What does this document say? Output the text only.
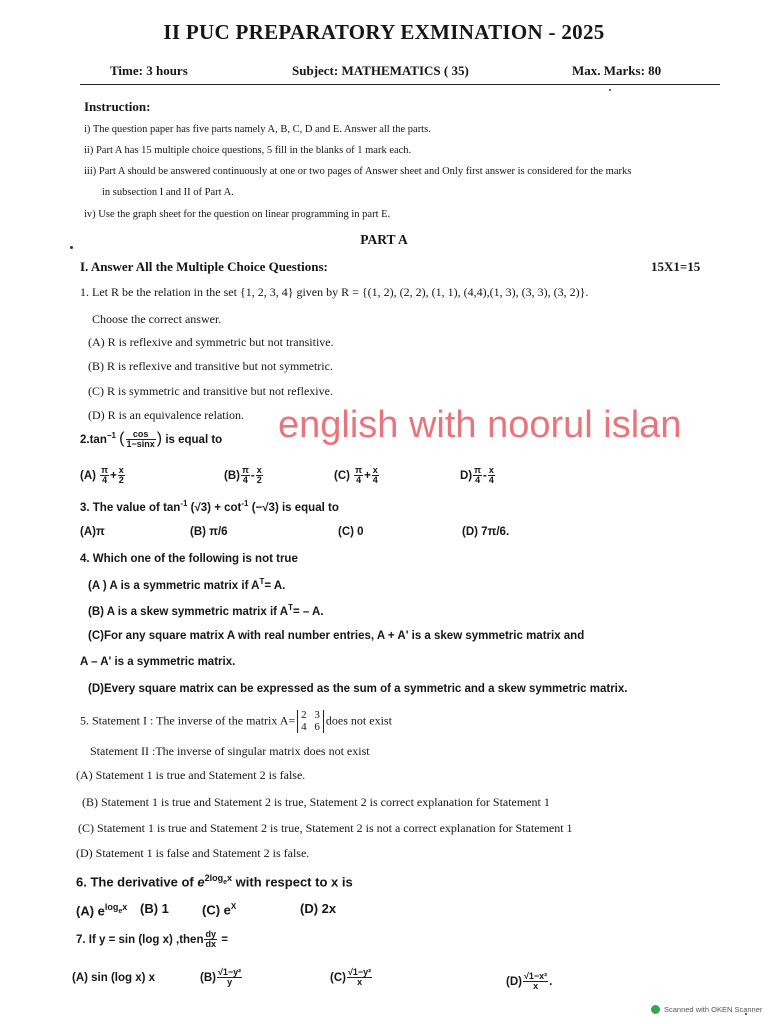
II PUC PREPARATORY EXMINATION - 2025
Time: 3 hours	Subject: MATHEMATICS ( 35)	Max. Marks: 80
Instruction:
i) The question paper has five parts namely A, B, C, D and E. Answer all the parts.
ii) Part A has 15 multiple choice questions, 5 fill in the blanks of 1 mark each.
iii) Part A should be answered continuously at one or two pages of Answer sheet and Only first answer is considered for the marks
in subsection I and II of Part A.
iv) Use the graph sheet for the question on linear programming in part E.
PART A
I. Answer All the Multiple Choice Questions:	15X1=15
1. Let R be the relation in the set {1, 2, 3, 4} given by R = {(1, 2), (2, 2), (1, 1), (4,4),(1, 3), (3, 3), (3, 2)}.
Choose the correct answer.
(A) R is reflexive and symmetric but not transitive.
(B) R is reflexive and transitive but not symmetric.
(C) R is symmetric and transitive but not reflexive.
(D) R is an equivalence relation. english with noorul islan
$2.\tan^{-1}$ ( $\frac{\cos}{1-\sin x}$ ) is equal to
$(A) \frac{\pi}{4} + \frac{x}{2}$	$(B) \frac{\pi}{4} - \frac{x}{2}$	$(C) \frac{\pi}{4} + \frac{x}{4}$	$D) \frac{\pi}{4} - \frac{x}{4}$
3. The value of $\tan^{-1} (√3) + \cot^{-1} (-√3)$ is equal to
(A)π	(B) π/6	(C) 0	(D) 7π/6.
4. Which one of the following is not true
(A ) A is a symmetric matrix if $A^T= A$.
(B) A is a skew symmetric matrix if $A^T= - A$.
(C)For any square matrix A with real number entries, A + A' is a skew symmetric matrix and
A – A' is a symmetric matrix.
(D)Every square matrix can be expressed as the sum of a symmetric and a skew symmetric matrix.
5. Statement I : The inverse of the matrix A= 2 3
4 6 does not exist
Statement II :The inverse of singular matrix does not exist
(A) Statement 1 is true and Statement 2 is false.
(B) Statement 1 is true and Statement 2 is true, Statement 2 is correct explanation for Statement 1
(C) Statement 1 is true and Statement 2 is true, Statement 2 is not a correct explanation for Statement 1
(D) Statement 1 is false and Statement 2 is false.
6. The derivative of $e^{2log_ex}$ with respect to x is
(A) $e^{log_ex}$ (B) 1	(C) $e^X$	(D) 2x
7. If y = sin (log x) ,then $\frac{dy}{dx}$ =
(A) sin (log x) x	$(B) \frac{\text{√1−y²}}{y}$	$(C) \frac{\text{√1−y²}}{x}$	$(D) \frac{\text{√1−x²}}{x}$ .
Scanned with OKEN Scanner
